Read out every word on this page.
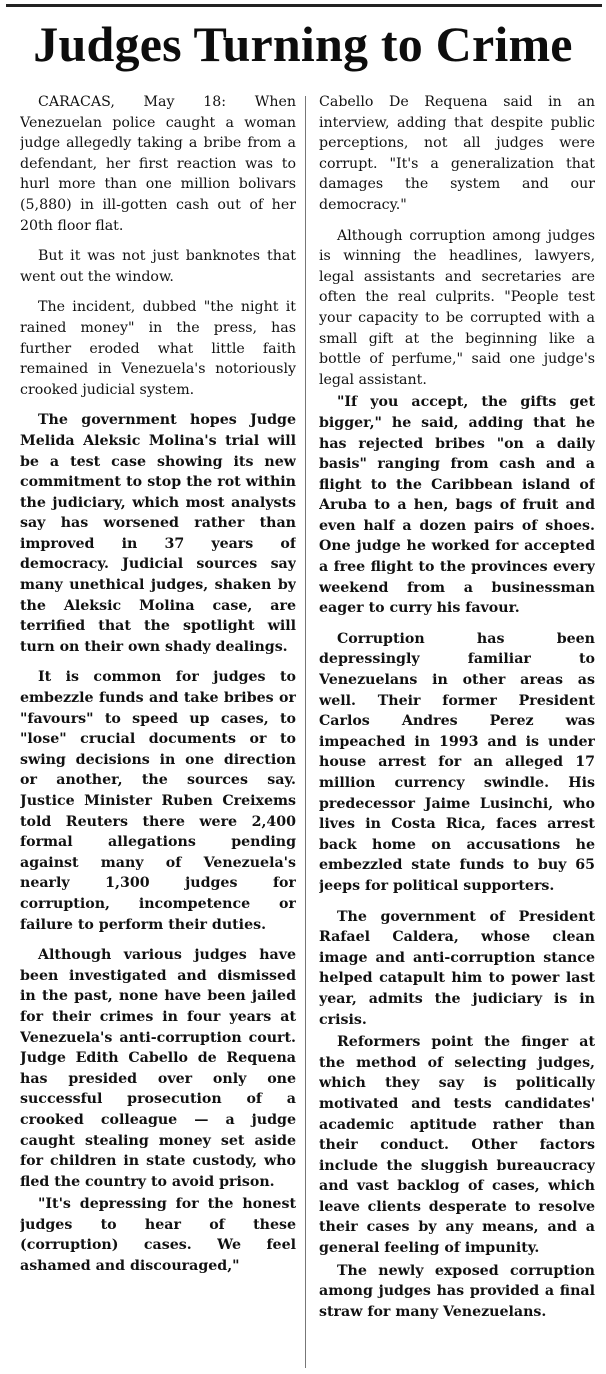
Judges Turning to Crime

CARACAS, May 18: When Venezuelan police caught a woman judge allegedly taking a bribe from a defendant, her first reaction was to hurl more than one million bolivars (5,880) in ill-gotten cash out of her 20th floor flat.

But it was not just banknotes that went out the window.

The incident, dubbed "the night it rained money" in the press, has further eroded what little faith remained in Venezuela's notoriously crooked judicial system.

The government hopes Judge Melida Aleksic Molina's trial will be a test case showing its new commitment to stop the rot within the judiciary, which most analysts say has worsened rather than improved in 37 years of democracy. Judicial sources say many unethical judges, shaken by the Aleksic Molina case, are terrified that the spotlight will turn on their own shady dealings.

It is common for judges to embezzle funds and take bribes or "favours" to speed up cases, to "lose" crucial documents or to swing decisions in one direction or another, the sources say. Justice Minister Ruben Creixems told Reuters there were 2,400 formal allegations pending against many of Venezuela's nearly 1,300 judges for corruption, incompetence or failure to perform their duties.

Although various judges have been investigated and dismissed in the past, none have been jailed for their crimes in four years at Venezuela's anti-corruption court. Judge Edith Cabello de Requena has presided over only one successful prosecution of a crooked colleague — a judge caught stealing money set aside for children in state custody, who fled the country to avoid prison.

"It's depressing for the honest judges to hear of these (corruption) cases. We feel ashamed and discouraged,"

Cabello De Requena said in an interview, adding that despite public perceptions, not all judges were corrupt. "It's a generalization that damages the system and our democracy."

Although corruption among judges is winning the headlines, lawyers, legal assistants and secretaries are often the real culprits. "People test your capacity to be corrupted with a small gift at the beginning like a bottle of perfume," said one judge's legal assistant.

"If you accept, the gifts get bigger," he said, adding that he has rejected bribes "on a daily basis" ranging from cash and a flight to the Caribbean island of Aruba to a hen, bags of fruit and even half a dozen pairs of shoes. One judge he worked for accepted a free flight to the provinces every weekend from a businessman eager to curry his favour.

Corruption has been depressingly familiar to Venezuelans in other areas as well. Their former President Carlos Andres Perez was impeached in 1993 and is under house arrest for an alleged 17 million currency swindle. His predecessor Jaime Lusinchi, who lives in Costa Rica, faces arrest back home on accusations he embezzled state funds to buy 65 jeeps for political supporters.

The government of President Rafael Caldera, whose clean image and anti-corruption stance helped catapult him to power last year, admits the judiciary is in crisis.

Reformers point the finger at the method of selecting judges, which they say is politically motivated and tests candidates' academic aptitude rather than their conduct. Other factors include the sluggish bureaucracy and vast backlog of cases, which leave clients desperate to resolve their cases by any means, and a general feeling of impunity.

The newly exposed corruption among judges has provided a final straw for many Venezuelans.
